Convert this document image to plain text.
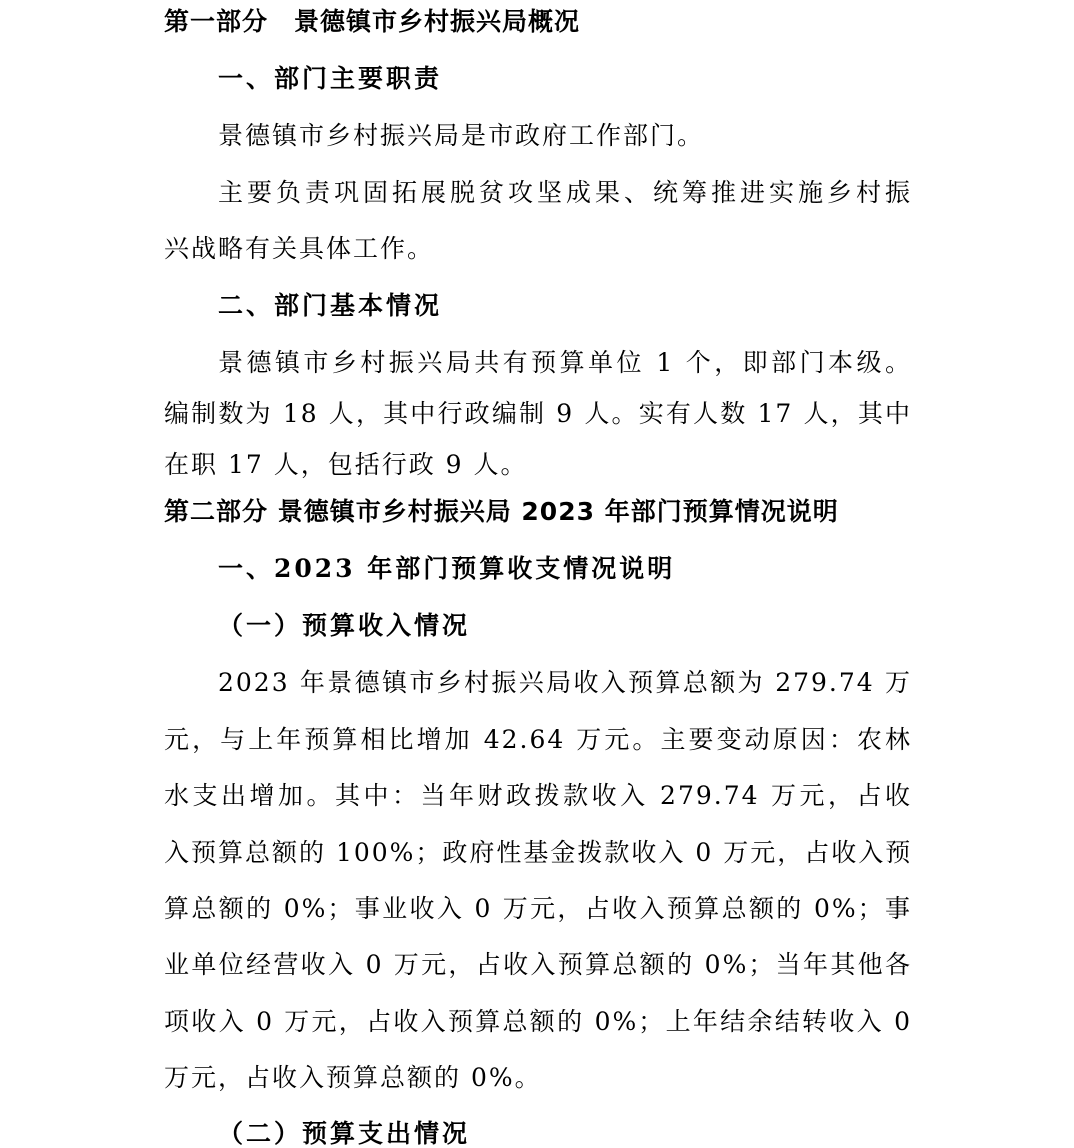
第一部分　景德镇市乡村振兴局概况
一、部门主要职责
景德镇市乡村振兴局是市政府工作部门。
主要负责巩固拓展脱贫攻坚成果、统筹推进实施乡村振
兴战略有关具体工作。
二、部门基本情况
景德镇市乡村振兴局共有预算单位 1 个，即部门本级。
编制数为 18 人，其中行政编制 9 人。实有人数 17 人，其中
在职 17 人，包括行政 9 人。
第二部分 景德镇市乡村振兴局 2023 年部门预算情况说明
一、2023 年部门预算收支情况说明
（一）预算收入情况
2023 年景德镇市乡村振兴局收入预算总额为 279.74 万
元，与上年预算相比增加 42.64 万元。主要变动原因：农林
水支出增加。其中：当年财政拨款收入 279.74 万元，占收
入预算总额的 100%；政府性基金拨款收入 0 万元，占收入预
算总额的 0%；事业收入 0 万元，占收入预算总额的 0%；事
业单位经营收入 0 万元，占收入预算总额的 0%；当年其他各
项收入 0 万元，占收入预算总额的 0%；上年结余结转收入 0
万元，占收入预算总额的 0%。
（二）预算支出情况
